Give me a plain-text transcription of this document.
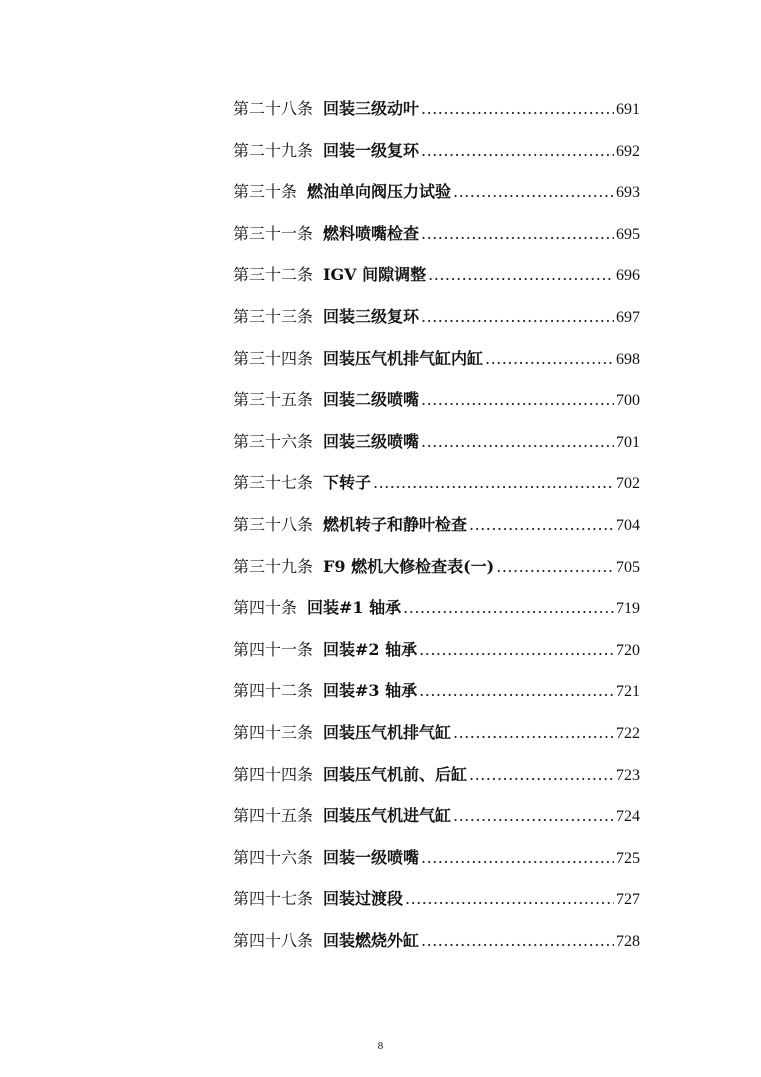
第二十八条 回装三级动叶 .....	691
第二十九条 回装一级复环 .....	692
第三十条 燃油单向阀压力试验 .....	693
第三十一条 燃料喷嘴检查 .....	695
第三十二条 IGV 间隙调整 .....	696
第三十三条 回装三级复环 .....	697
第三十四条 回装压气机排气缸内缸 .....	698
第三十五条 回装二级喷嘴 .....	700
第三十六条 回装三级喷嘴 .....	701
第三十七条 下转子 .....	702
第三十八条 燃机转子和静叶检查 .....	704
第三十九条 F9 燃机大修检查表(一) .....	705
第四十条 回装#1 轴承 .....	719
第四十一条 回装#2 轴承 .....	720
第四十二条 回装#3 轴承 .....	721
第四十三条 回装压气机排气缸 .....	722
第四十四条 回装压气机前、后缸 .....	723
第四十五条 回装压气机进气缸 .....	724
第四十六条 回装一级喷嘴 .....	725
第四十七条 回装过渡段 .....	727
第四十八条 回装燃烧外缸 .....	728
8
